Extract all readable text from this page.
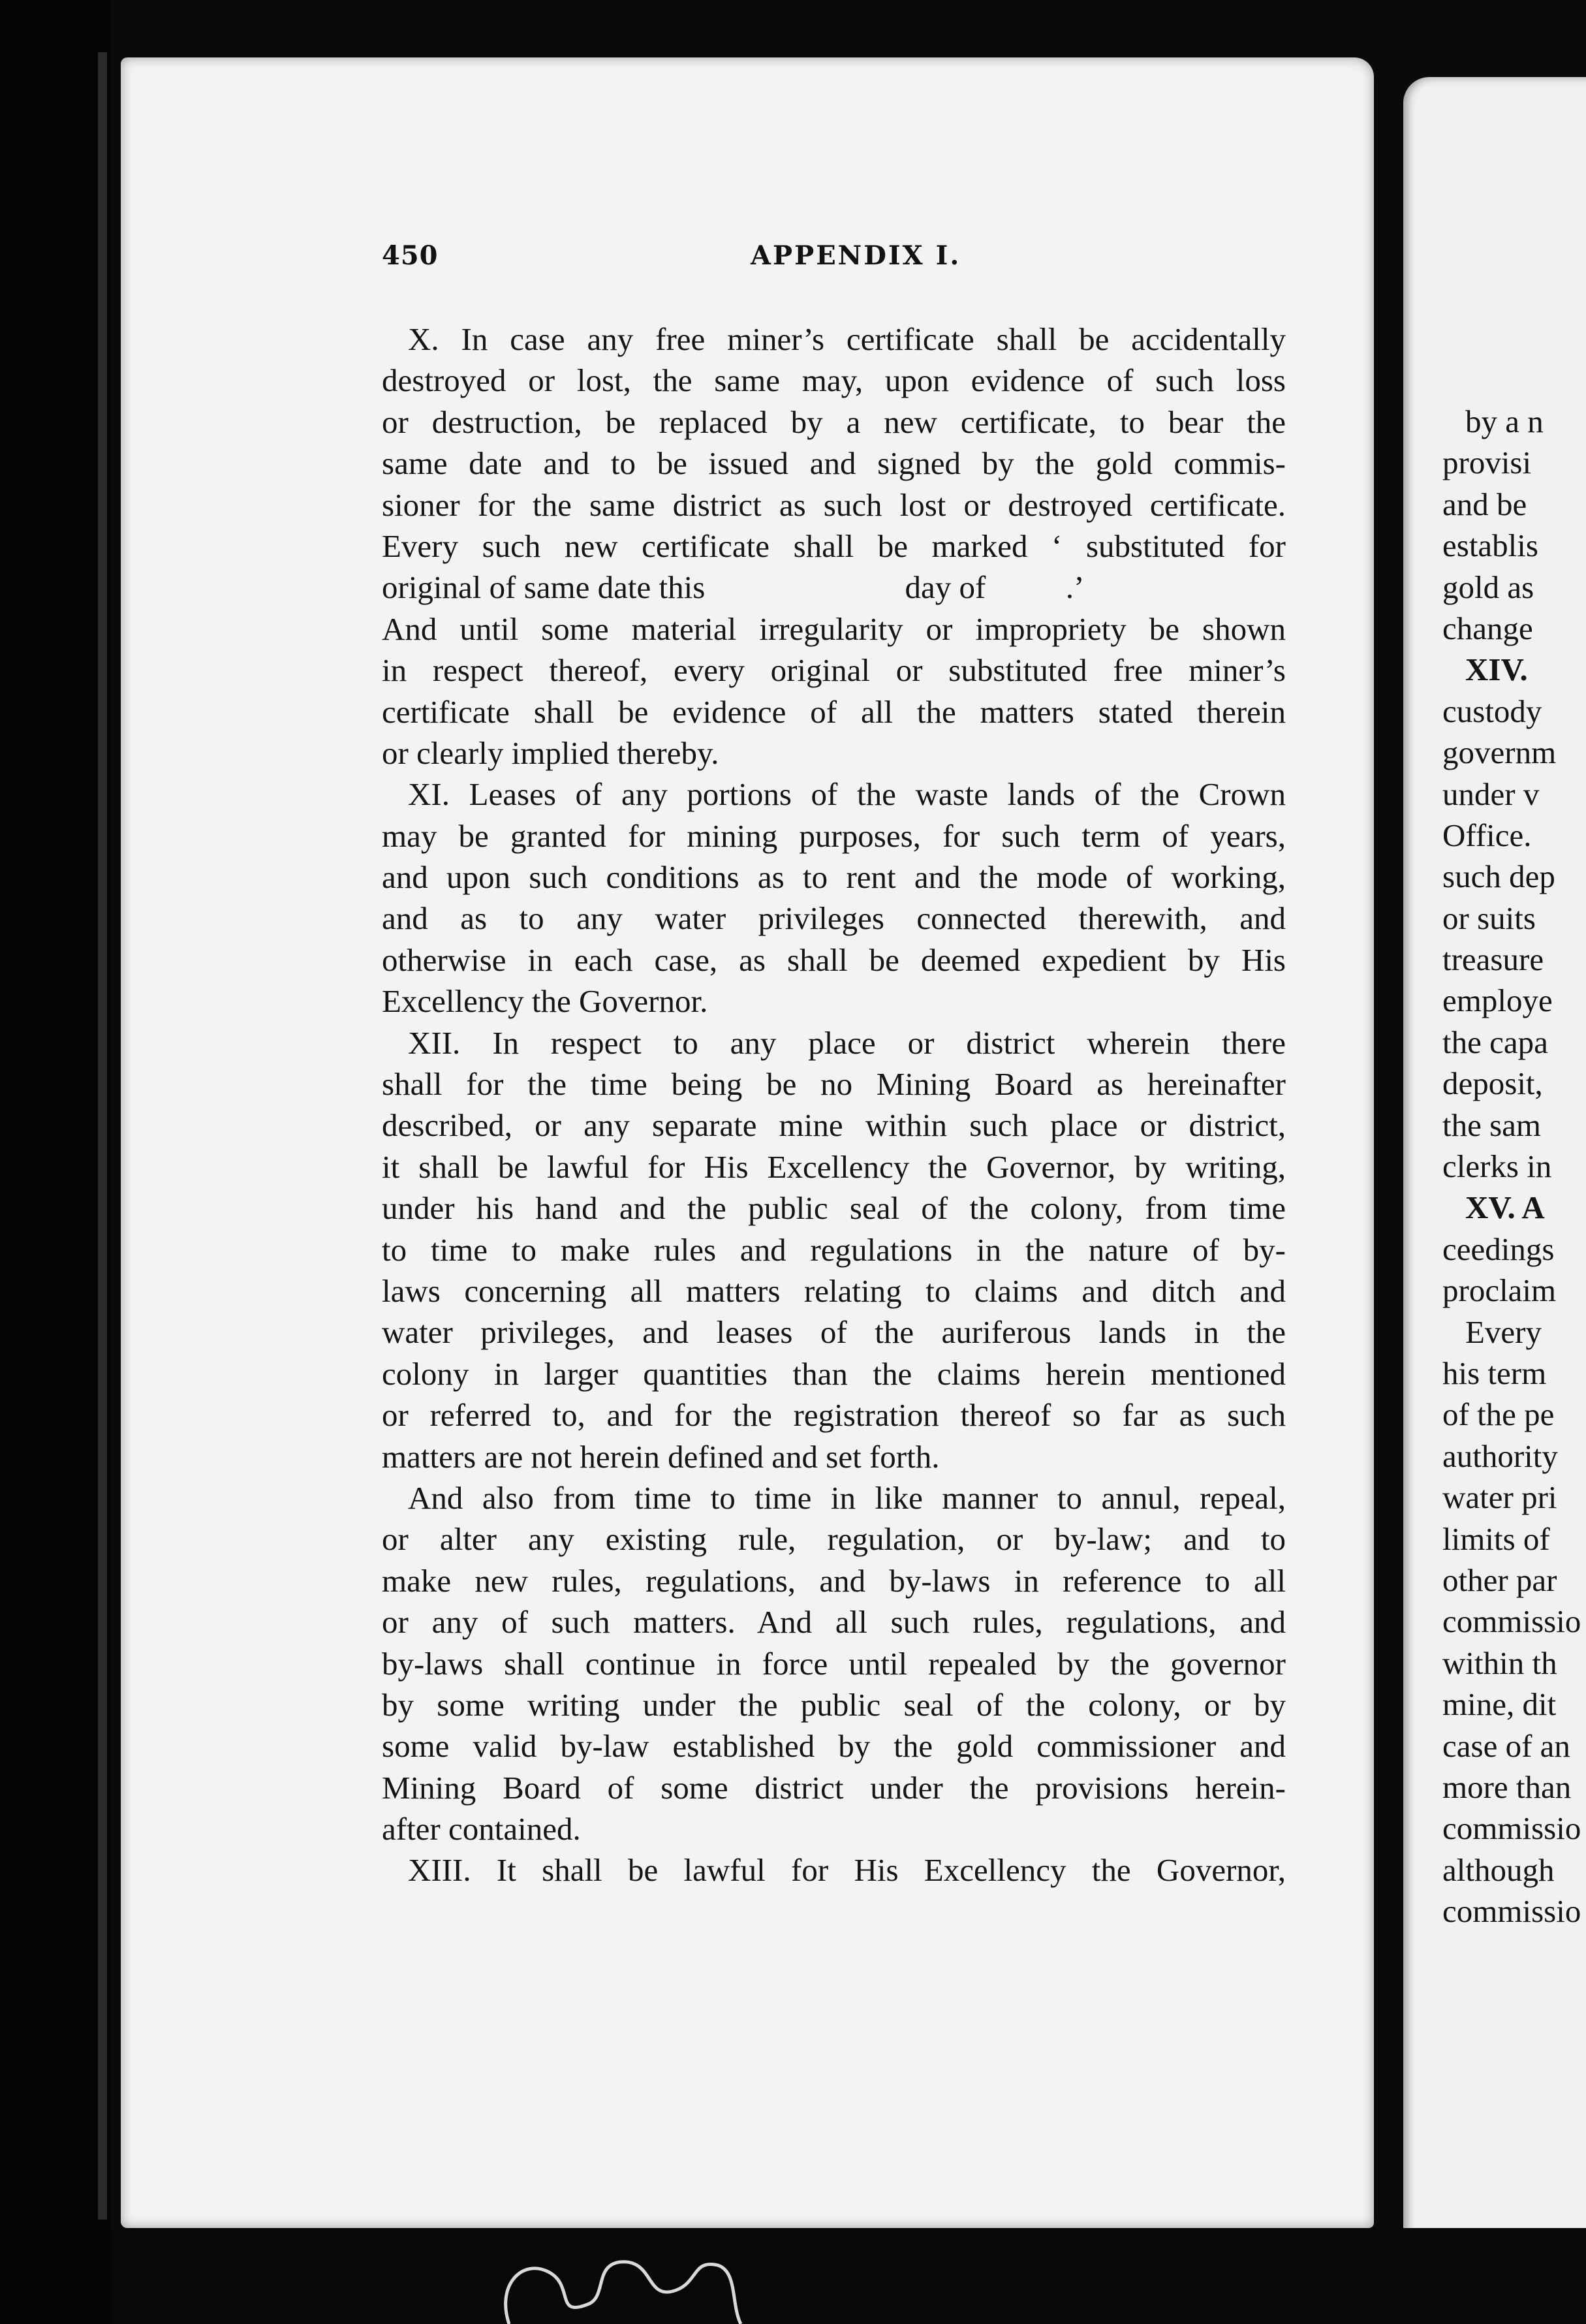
by a n
provisi
and be
establis
gold as
change
XIV.
custody
governm
under v
Office.
such dep
or suits
treasure
employe
the capa
deposit,
the sam
clerks in
XV. A
ceedings
proclaim
Every
his term
of the pe
authority
water pri
limits of
other par
commissio
within th
mine, dit
case of an
more than
commissio
although
commissio
450	APPENDIX I.
X. In case any free miner’s certificate shall be accidentally
destroyed or lost, the same may, upon evidence of such loss
or destruction, be replaced by a new certificate, to bear the
same date and to be issued and signed by the gold commis-
sioner for the same district as such lost or destroyed certificate.
Every such new certificate shall be marked ‘ substituted for
original of same date this                         day of          .’
And until some material irregularity or impropriety be shown
in respect thereof, every original or substituted free miner’s
certificate shall be evidence of all the matters stated therein
or clearly implied thereby.
XI. Leases of any portions of the waste lands of the Crown
may be granted for mining purposes, for such term of years,
and upon such conditions as to rent and the mode of working,
and as to any water privileges connected therewith, and
otherwise in each case, as shall be deemed expedient by His
Excellency the Governor.
XII. In respect to any place or district wherein there
shall for the time being be no Mining Board as hereinafter
described, or any separate mine within such place or district,
it shall be lawful for His Excellency the Governor, by writing,
under his hand and the public seal of the colony, from time
to time to make rules and regulations in the nature of by-
laws concerning all matters relating to claims and ditch and
water privileges, and leases of the auriferous lands in the
colony in larger quantities than the claims herein mentioned
or referred to, and for the registration thereof so far as such
matters are not herein defined and set forth.
And also from time to time in like manner to annul, repeal,
or alter any existing rule, regulation, or by-law; and to
make new rules, regulations, and by-laws in reference to all
or any of such matters. And all such rules, regulations, and
by-laws shall continue in force until repealed by the governor
by some writing under the public seal of the colony, or by
some valid by-law established by the gold commissioner and
Mining Board of some district under the provisions herein-
after contained.
XIII. It shall be lawful for His Excellency the Governor,
